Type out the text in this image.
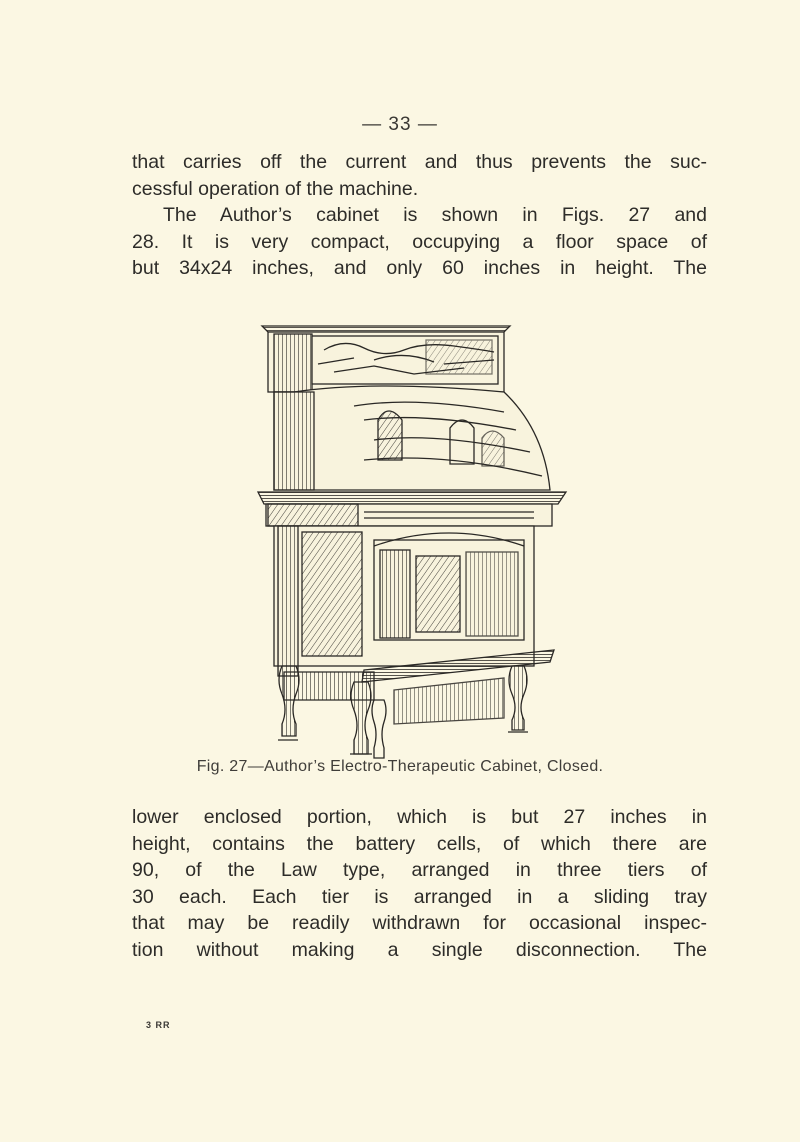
— 33 —

that carries off the current and thus prevents the suc-
cessful operation of the machine.

The Author’s cabinet is shown in Figs. 27 and
28. It is very compact, occupying a floor space of
but 34x24 inches, and only 60 inches in height. The

Fig. 27—Author’s Electro-Therapeutic Cabinet, Closed.

lower enclosed portion, which is but 27 inches in
height, contains the battery cells, of which there are
90, of the Law type, arranged in three tiers of
30 each. Each tier is arranged in a sliding tray
that may be readily withdrawn for occasional inspec-
tion without making a single disconnection. The

3 RR
